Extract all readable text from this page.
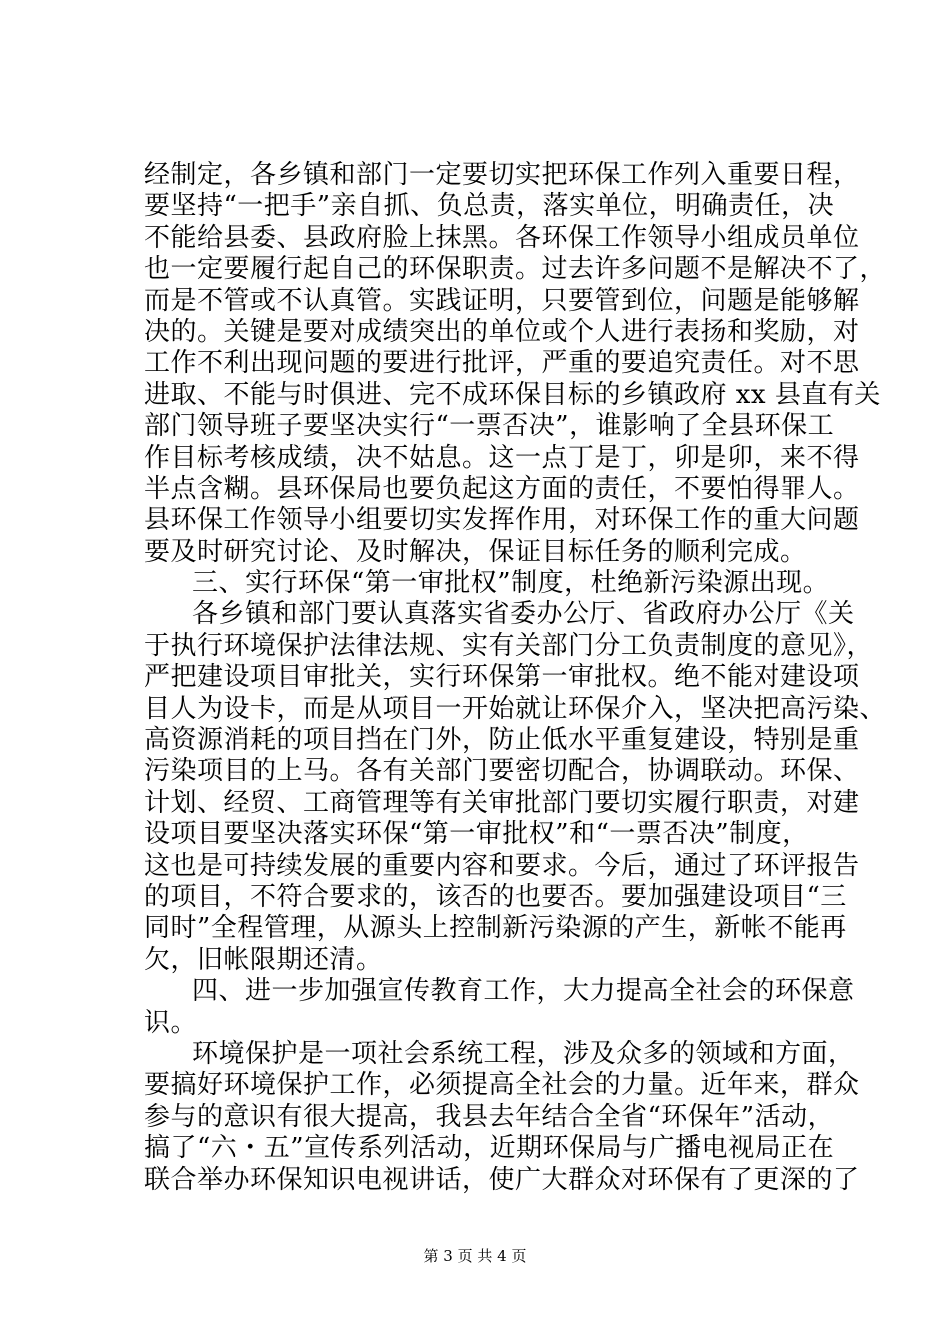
经制定，各乡镇和部门一定要切实把环保工作列入重要日程，
要坚持“一把手”亲自抓、负总责，落实单位，明确责任，决
不能给县委、县政府脸上抹黑。各环保工作领导小组成员单位
也一定要履行起自己的环保职责。过去许多问题不是解决不了，
而是不管或不认真管。实践证明，只要管到位，问题是能够解
决的。关键是要对成绩突出的单位或个人进行表扬和奖励，对
工作不利出现问题的要进行批评，严重的要追究责任。对不思
进取、不能与时俱进、完不成环保目标的乡镇政府 xx 县直有关
部门领导班子要坚决实行“一票否决”，谁影响了全县环保工
作目标考核成绩，决不姑息。这一点丁是丁，卯是卯，来不得
半点含糊。县环保局也要负起这方面的责任，不要怕得罪人。
县环保工作领导小组要切实发挥作用，对环保工作的重大问题
要及时研究讨论、及时解决，保证目标任务的顺利完成。
三、实行环保“第一审批权”制度，杜绝新污染源出现。
各乡镇和部门要认真落实省委办公厅、省政府办公厅《关
于执行环境保护法律法规、实有关部门分工负责制度的意见》，
严把建设项目审批关，实行环保第一审批权。绝不能对建设项
目人为设卡，而是从项目一开始就让环保介入，坚决把高污染、
高资源消耗的项目挡在门外，防止低水平重复建设，特别是重
污染项目的上马。各有关部门要密切配合，协调联动。环保、
计划、经贸、工商管理等有关审批部门要切实履行职责，对建
设项目要坚决落实环保“第一审批权”和“一票否决”制度，
这也是可持续发展的重要内容和要求。今后，通过了环评报告
的项目，不符合要求的，该否的也要否。要加强建设项目“三
同时”全程管理，从源头上控制新污染源的产生，新帐不能再
欠，旧帐限期还清。
四、进一步加强宣传教育工作，大力提高全社会的环保意
识。
环境保护是一项社会系统工程，涉及众多的领域和方面，
要搞好环境保护工作，必须提高全社会的力量。近年来，群众
参与的意识有很大提高，我县去年结合全省“环保年”活动，
搞了“六・五”宣传系列活动，近期环保局与广播电视局正在
联合举办环保知识电视讲话，使广大群众对环保有了更深的了
第 3 页 共 4 页
